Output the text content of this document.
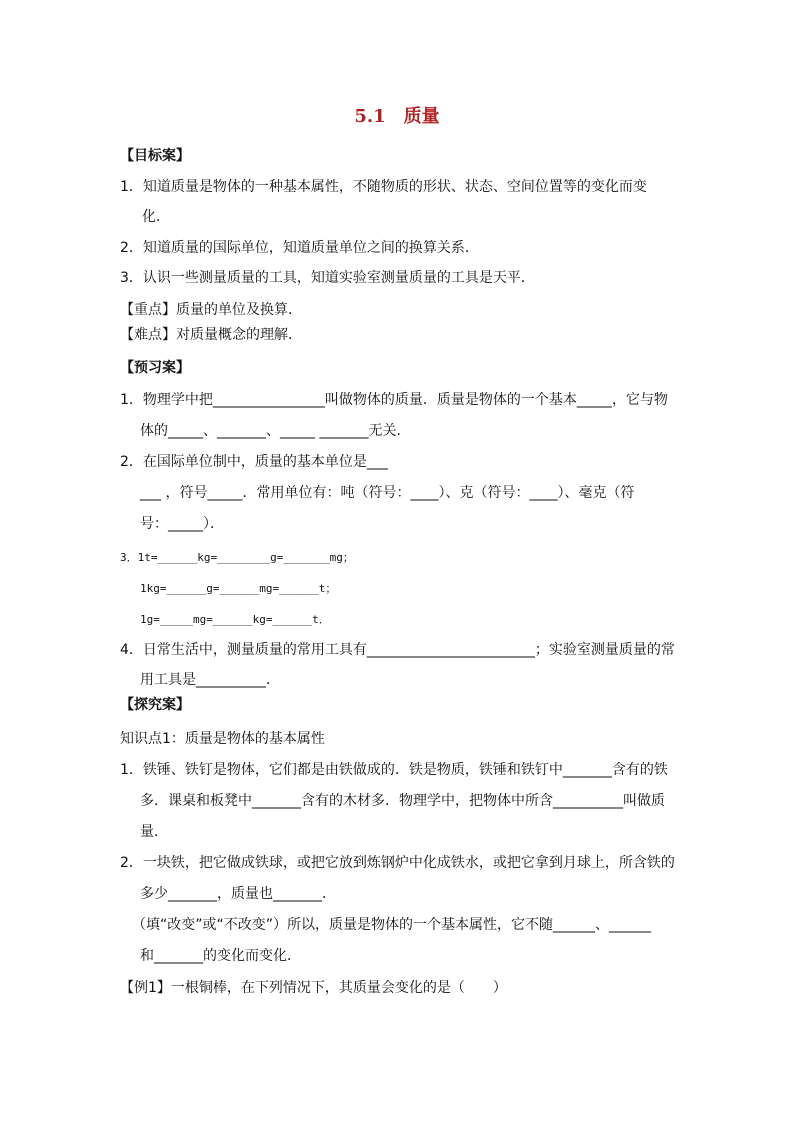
5.1　质量
【目标案】
1．知道质量是物体的一种基本属性，不随物质的形状、状态、空间位置等的变化而变
化．
2．知道质量的国际单位，知道质量单位之间的换算关系．
3．认识一些测量质量的工具，知道实验室测量质量的工具是天平．
【重点】质量的单位及换算．
【难点】对质量概念的理解．
【预习案】
1．物理学中把________________叫做物体的质量．质量是物体的一个基本_____，它与物
体的_____、_______、_____ _______无关．
2．在国际单位制中，质量的基本单位是___
___ ，符号_____．常用单位有：吨（符号：____）、克（符号：____）、毫克（符
号：_____）．
3．1t=______kg=________g=_______mg；
1kg=______g=______mg=______t；
1g=_____mg=______kg=______t．
4．日常生活中，测量质量的常用工具有________________________；实验室测量质量的常
用工具是__________．
【探究案】
知识点1：质量是物体的基本属性
1．铁锤、铁钉是物体，它们都是由铁做成的．铁是物质，铁锤和铁钉中_______含有的铁
多．课桌和板凳中_______含有的木材多．物理学中，把物体中所含__________叫做质
量．
2．一块铁，把它做成铁球，或把它放到炼钢炉中化成铁水，或把它拿到月球上，所含铁的
多少_______，质量也_______．
（填“改变”或“不改变”）所以，质量是物体的一个基本属性，它不随______、______
和_______的变化而变化．
【例1】一根铜棒，在下列情况下，其质量会变化的是（　　）
